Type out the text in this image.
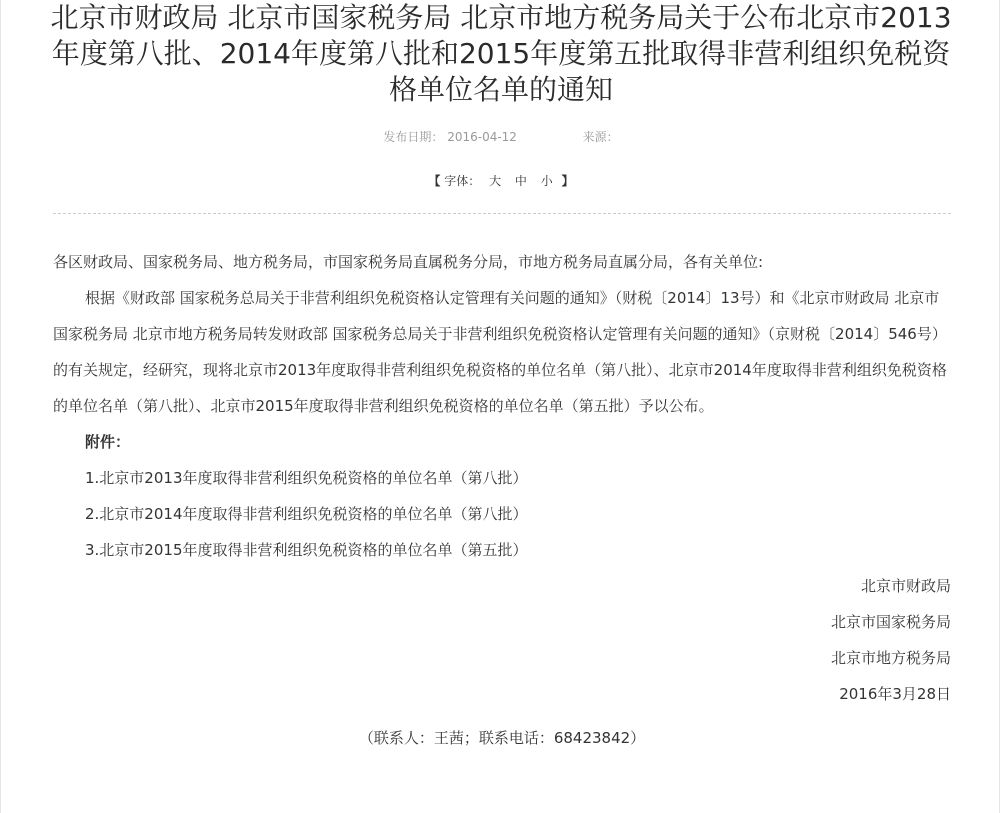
北京市财政局 北京市国家税务局 北京市地方税务局关于公布北京市2013年度第八批、2014年度第八批和2015年度第五批取得非营利组织免税资格单位名单的通知
发布日期： 2016-04-12	来源：
【 字体： 大 中 小 】

各区财政局、国家税务局、地方税务局，市国家税务局直属税务分局，市地方税务局直属分局，各有关单位:

根据《财政部 国家税务总局关于非营利组织免税资格认定管理有关问题的通知》（财税〔2014〕13号）和《北京市财政局 北京市国家税务局 北京市地方税务局转发财政部 国家税务总局关于非营利组织免税资格认定管理有关问题的通知》（京财税〔2014〕546号）的有关规定，经研究，现将北京市2013年度取得非营利组织免税资格的单位名单（第八批）、北京市2014年度取得非营利组织免税资格的单位名单（第八批）、北京市2015年度取得非营利组织免税资格的单位名单（第五批）予以公布。

附件：

1.北京市2013年度取得非营利组织免税资格的单位名单（第八批）

2.北京市2014年度取得非营利组织免税资格的单位名单（第八批）

3.北京市2015年度取得非营利组织免税资格的单位名单（第五批）

北京市财政局

北京市国家税务局

北京市地方税务局

2016年3月28日

（联系人：王茜；联系电话：68423842）
